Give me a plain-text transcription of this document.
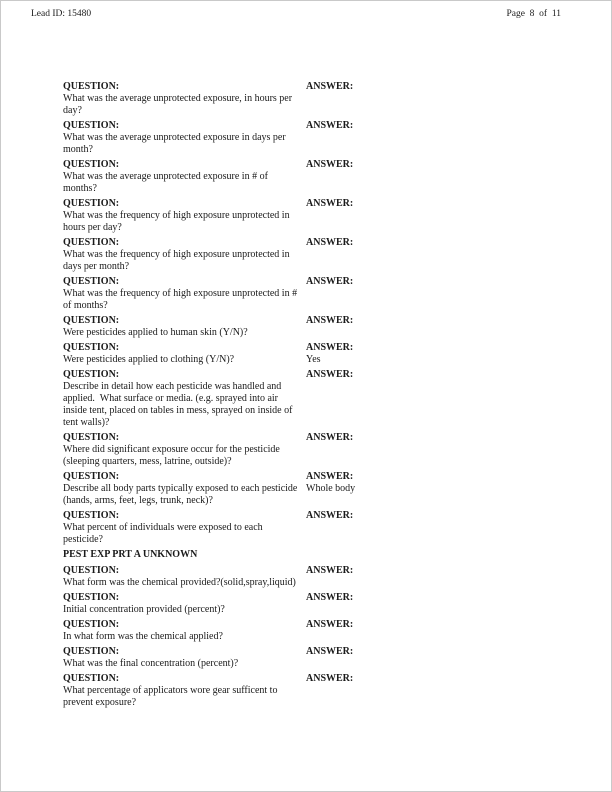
Lead ID: 15480	Page  8  of  11
QUESTION:
What was the average unprotected exposure, in hours per day?
ANSWER:
QUESTION:
What was the average unprotected exposure in days per month?
ANSWER:
QUESTION:
What was the average unprotected exposure in # of months?
ANSWER:
QUESTION:
What was the frequency of high exposure unprotected in hours per day?
ANSWER:
QUESTION:
What was the frequency of high exposure unprotected in days per month?
ANSWER:
QUESTION:
What was the frequency of high exposure unprotected in # of months?
ANSWER:
QUESTION:
Were pesticides applied to human skin (Y/N)?
ANSWER:
QUESTION:
Were pesticides applied to clothing (Y/N)?
ANSWER:
Yes
QUESTION:
Describe in detail how each pesticide was handled and applied.  What surface or media. (e.g. sprayed into air inside tent, placed on tables in mess, sprayed on inside of tent walls)?
ANSWER:
QUESTION:
Where did significant exposure occur for the pesticide (sleeping quarters, mess, latrine, outside)?
ANSWER:
QUESTION:
Describe all body parts typically exposed to each pesticide (hands, arms, feet, legs, trunk, neck)?
ANSWER:
Whole body
QUESTION:
What percent of individuals were exposed to each pesticide?
ANSWER:
PEST EXP PRT A UNKNOWN
QUESTION:
What form was the chemical provided?(solid,spray,liquid)
ANSWER:
QUESTION:
Initial concentration provided (percent)?
ANSWER:
QUESTION:
In what form was the chemical applied?
ANSWER:
QUESTION:
What was the final concentration (percent)?
ANSWER:
QUESTION:
What percentage of applicators wore gear sufficent to prevent exposure?
ANSWER:
